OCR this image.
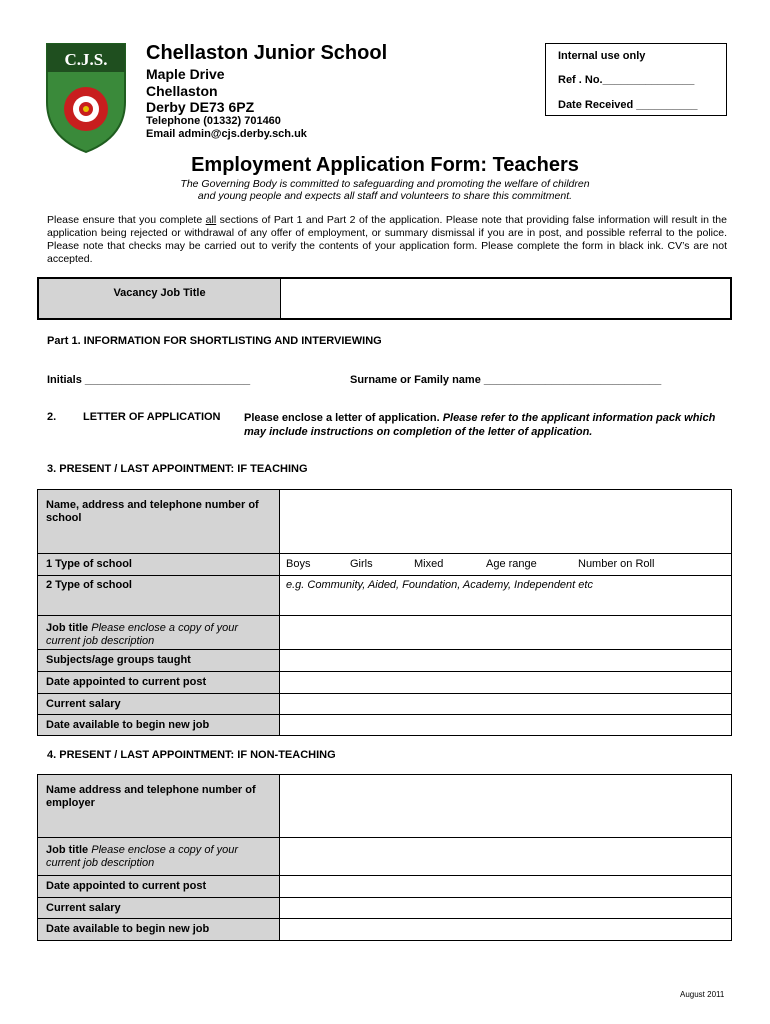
C.J.S. Chellaston Junior School
Maple Drive
Chellaston
Derby DE73 6PZ
Telephone (01332) 701460
Email admin@cjs.derby.sch.uk
Internal use only
Ref . No._______________
Date Received __________
Employment Application Form: Teachers
The Governing Body is committed to safeguarding and promoting the welfare of children
and young people and expects all staff and volunteers to share this commitment.
Please ensure that you complete all sections of Part 1 and Part 2 of the application. Please note that providing false information will result in the application being rejected or withdrawal of any offer of employment, or summary dismissal if you are in post, and possible referral to the police. Please note that checks may be carried out to verify the contents of your application form. Please complete the form in black ink. CV’s are not accepted.
Vacancy Job Title
Part 1. INFORMATION FOR SHORTLISTING AND INTERVIEWING
Initials ___________________________	Surname or Family name _____________________________
2. LETTER OF APPLICATION Please enclose a letter of application. Please refer to the applicant information pack which may include instructions on completion of the letter of application.
3. PRESENT / LAST APPOINTMENT: IF TEACHING
Name, address and telephone number of school
1 Type of school	Boys	Girls	Mixed	Age range	Number on Roll
2 Type of school	e.g. Community, Aided, Foundation, Academy, Independent etc
Job title Please enclose a copy of your current job description
Subjects/age groups taught
Date appointed to current post
Current salary
Date available to begin new job
4. PRESENT / LAST APPOINTMENT: IF NON-TEACHING
Name address and telephone number of employer
Job title Please enclose a copy of your current job description
Date appointed to current post
Current salary
Date available to begin new job
August 2011
